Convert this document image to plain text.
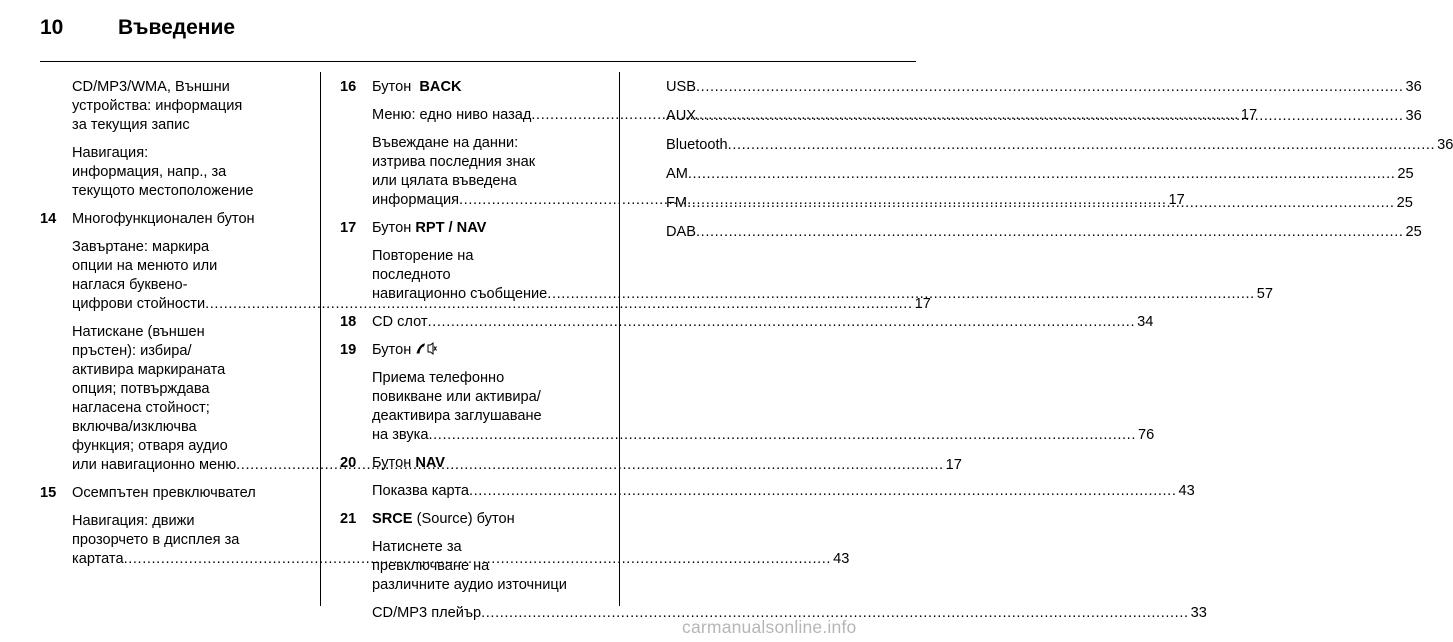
10	Въведение
CD/MP3/WMA, Външни
устройства: информация
за текущия запис
Навигация:
информация, напр., за
текущото местоположение
14	Многофункционален бутон
Завъртане: маркира
опции на менюто или
наглася буквено-
цифрови стойности .....	17
Натискане (външен
пръстен): избира/
активира маркираната
опция; потвърждава
нагласена стойност;
включва/изключва
функция; отваря аудио
или навигационно меню .....	17
15	Осемпътен превключвател
Навигация: движи
прозорчето в дисплея за
картата .....	43
16	Бутон BACK
Меню: едно ниво назад .....	17
Въвеждане на данни:
изтрива последния знак
или цялата въведена
информация .....	17
17	Бутон RPT / NAV
Повторение на
последното
навигационно съобщение .....	57
18	CD слот .....	34
19	Бутон
Приема телефонно
повикване или активира/
деактивира заглушаване
на звука .....	76
20	Бутон NAV
Показва карта .....	43
21	SRCE (Source) бутон
Натиснете за
превключване на
различните аудио източници
CD/MP3 плейър .....	33
USB .....	36
AUX .....	36
Bluetooth .....	36
AM .....	25
FM .....	25
DAB .....	25
carmanualsonline.info
